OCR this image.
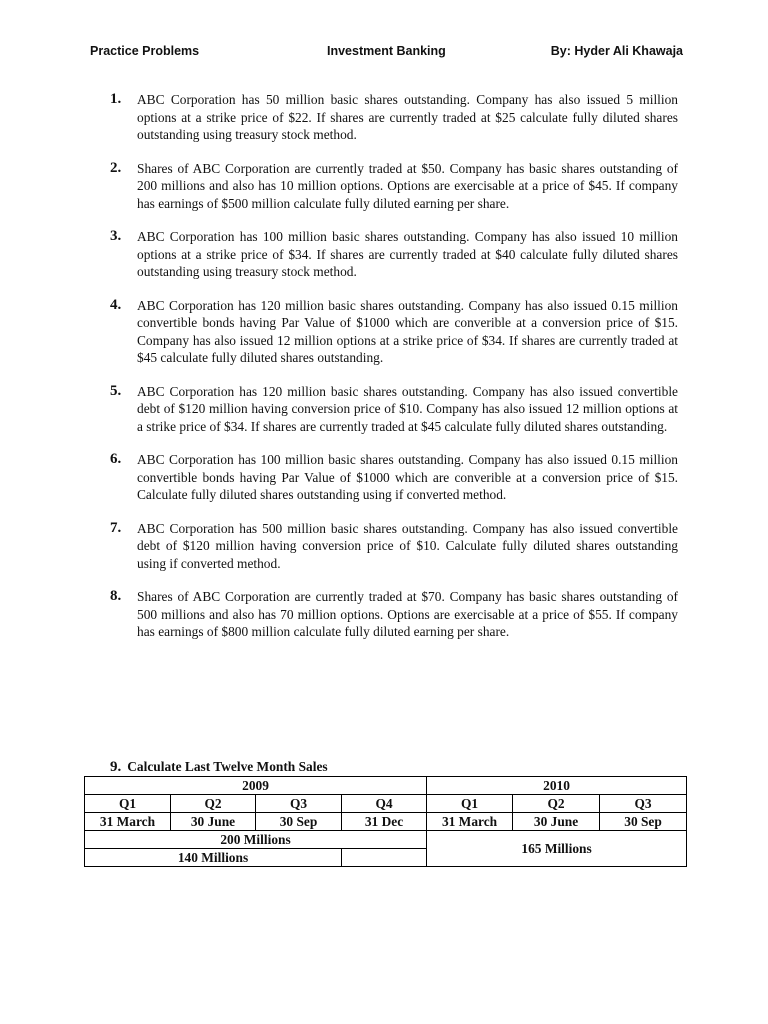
Practice Problems	Investment Banking	By: Hyder Ali Khawaja
1. ABC Corporation has 50 million basic shares outstanding. Company has also issued 5 million options at a strike price of $22. If shares are currently traded at $25 calculate fully diluted shares outstanding using treasury stock method.
2. Shares of ABC Corporation are currently traded at $50. Company has basic shares outstanding of 200 millions and also has 10 million options. Options are exercisable at a price of $45. If company has earnings of $500 million calculate fully diluted earning per share.
3. ABC Corporation has 100 million basic shares outstanding. Company has also issued 10 million options at a strike price of $34. If shares are currently traded at $40 calculate fully diluted shares outstanding using treasury stock method.
4. ABC Corporation has 120 million basic shares outstanding. Company has also issued 0.15 million convertible bonds having Par Value of $1000 which are converible at a conversion price of $15. Company has also issued 12 million options at a strike price of $34. If shares are currently traded at $45 calculate fully diluted shares outstanding.
5. ABC Corporation has 120 million basic shares outstanding. Company has also issued convertible debt of $120 million having conversion price of $10. Company has also issued 12 million options at a strike price of $34. If shares are currently traded at $45 calculate fully diluted shares outstanding.
6. ABC Corporation has 100 million basic shares outstanding. Company has also issued 0.15 million convertible bonds having Par Value of $1000 which are converible at a conversion price of $15. Calculate fully diluted shares outstanding using if converted method.
7. ABC Corporation has 500 million basic shares outstanding. Company has also issued convertible debt of $120 million having conversion price of $10. Calculate fully diluted shares outstanding using if converted method.
8. Shares of ABC Corporation are currently traded at $70. Company has basic shares outstanding of 500 millions and also has 70 million options. Options are exercisable at a price of $55. If company has earnings of $800 million calculate fully diluted earning per share.
9. Calculate Last Twelve Month Sales
2009				2010		
Q1	Q2	Q3	Q4	Q1	Q2	Q3
31 March	30 June	30 Sep	31 Dec	31 March	30 June	30 Sep
200 Millions				165 Millions		
140 Millions						
